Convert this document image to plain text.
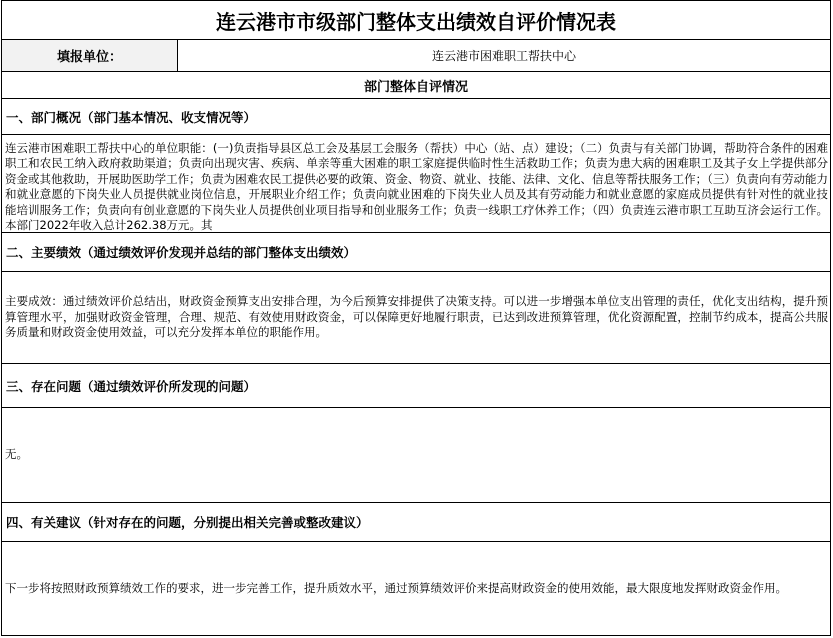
连云港市市级部门整体支出绩效自评价情况表
填报单位：	连云港市困难职工帮扶中心
部门整体自评情况
一、部门概况（部门基本情况、收支情况等）
连云港市困难职工帮扶中心的单位职能：(一)负责指导县区总工会及基层工会服务（帮扶）中心（站、点）建设；（二）负责与有关部门协调，帮助符合条件的困难职工和农民工纳入政府救助渠道；负责向出现灾害、疾病、单亲等重大困难的职工家庭提供临时性生活救助工作；负责为患大病的困难职工及其子女上学提供部分资金或其他救助，开展助医助学工作；负责为困难农民工提供必要的政策、资金、物资、就业、技能、法律、文化、信息等帮扶服务工作；（三）负责向有劳动能力和就业意愿的下岗失业人员提供就业岗位信息，开展职业介绍工作；负责向就业困难的下岗失业人员及其有劳动能力和就业意愿的家庭成员提供有针对性的就业技能培训服务工作；负责向有创业意愿的下岗失业人员提供创业项目指导和创业服务工作；负责一线职工疗休养工作；（四）负责连云港市职工互助互济会运行工作。本部门2022年收入总计262.38万元。其
二、主要绩效（通过绩效评价发现并总结的部门整体支出绩效）
主要成效：通过绩效评价总结出，财政资金预算支出安排合理，为今后预算安排提供了决策支持。可以进一步增强本单位支出管理的责任，优化支出结构，提升预算管理水平，加强财政资金管理，合理、规范、有效使用财政资金，可以保障更好地履行职责，已达到改进预算管理，优化资源配置，控制节约成本，提高公共服务质量和财政资金使用效益，可以充分发挥本单位的职能作用。
三、存在问题（通过绩效评价所发现的问题）
无。
四、有关建议（针对存在的问题，分别提出相关完善或整改建议）
下一步将按照财政预算绩效工作的要求，进一步完善工作，提升质效水平，通过预算绩效评价来提高财政资金的使用效能，最大限度地发挥财政资金作用。
